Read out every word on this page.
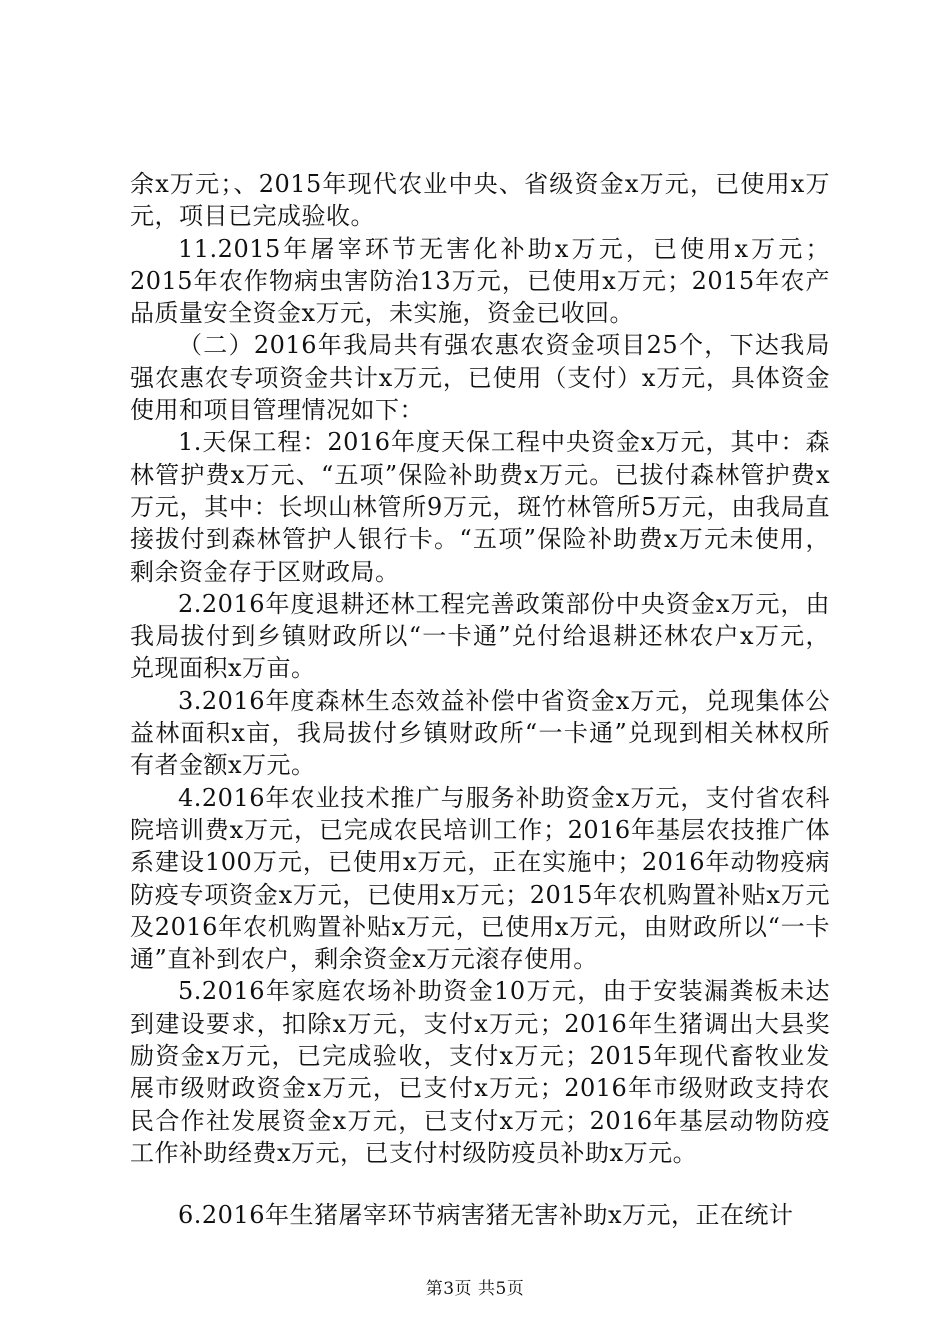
余x万元；、2015年现代农业中央、省级资金x万元，已使用x万元，项目已完成验收。

11.2015年屠宰环节无害化补助x万元，已使用x万元；2015年农作物病虫害防治13万元，已使用x万元；2015年农产品质量安全资金x万元，未实施，资金已收回。

（二）2016年我局共有强农惠农资金项目25个，下达我局强农惠农专项资金共计x万元，已使用（支付）x万元，具体资金使用和项目管理情况如下：

1.天保工程：2016年度天保工程中央资金x万元，其中：森林管护费x万元、“五项”保险补助费x万元。已拔付森林管护费x万元，其中：长坝山林管所9万元，斑竹林管所5万元，由我局直接拔付到森林管护人银行卡。“五项”保险补助费x万元未使用，剩余资金存于区财政局。

2.2016年度退耕还林工程完善政策部份中央资金x万元，由我局拔付到乡镇财政所以“一卡通”兑付给退耕还林农户x万元，兑现面积x万亩。

3.2016年度森林生态效益补偿中省资金x万元，兑现集体公益林面积x亩，我局拔付乡镇财政所“一卡通”兑现到相关林权所有者金额x万元。

4.2016年农业技术推广与服务补助资金x万元，支付省农科院培训费x万元，已完成农民培训工作；2016年基层农技推广体系建设100万元，已使用x万元，正在实施中；2016年动物疫病防疫专项资金x万元，已使用x万元；2015年农机购置补贴x万元及2016年农机购置补贴x万元，已使用x万元，由财政所以“一卡通”直补到农户，剩余资金x万元滚存使用。

5.2016年家庭农场补助资金10万元，由于安装漏粪板未达到建设要求，扣除x万元，支付x万元；2016年生猪调出大县奖励资金x万元，已完成验收，支付x万元；2015年现代畜牧业发展市级财政资金x万元，已支付x万元；2016年市级财政支持农民合作社发展资金x万元，已支付x万元；2016年基层动物防疫工作补助经费x万元，已支付村级防疫员补助x万元。

6.2016年生猪屠宰环节病害猪无害补助x万元，正在统计

第3页 共5页
